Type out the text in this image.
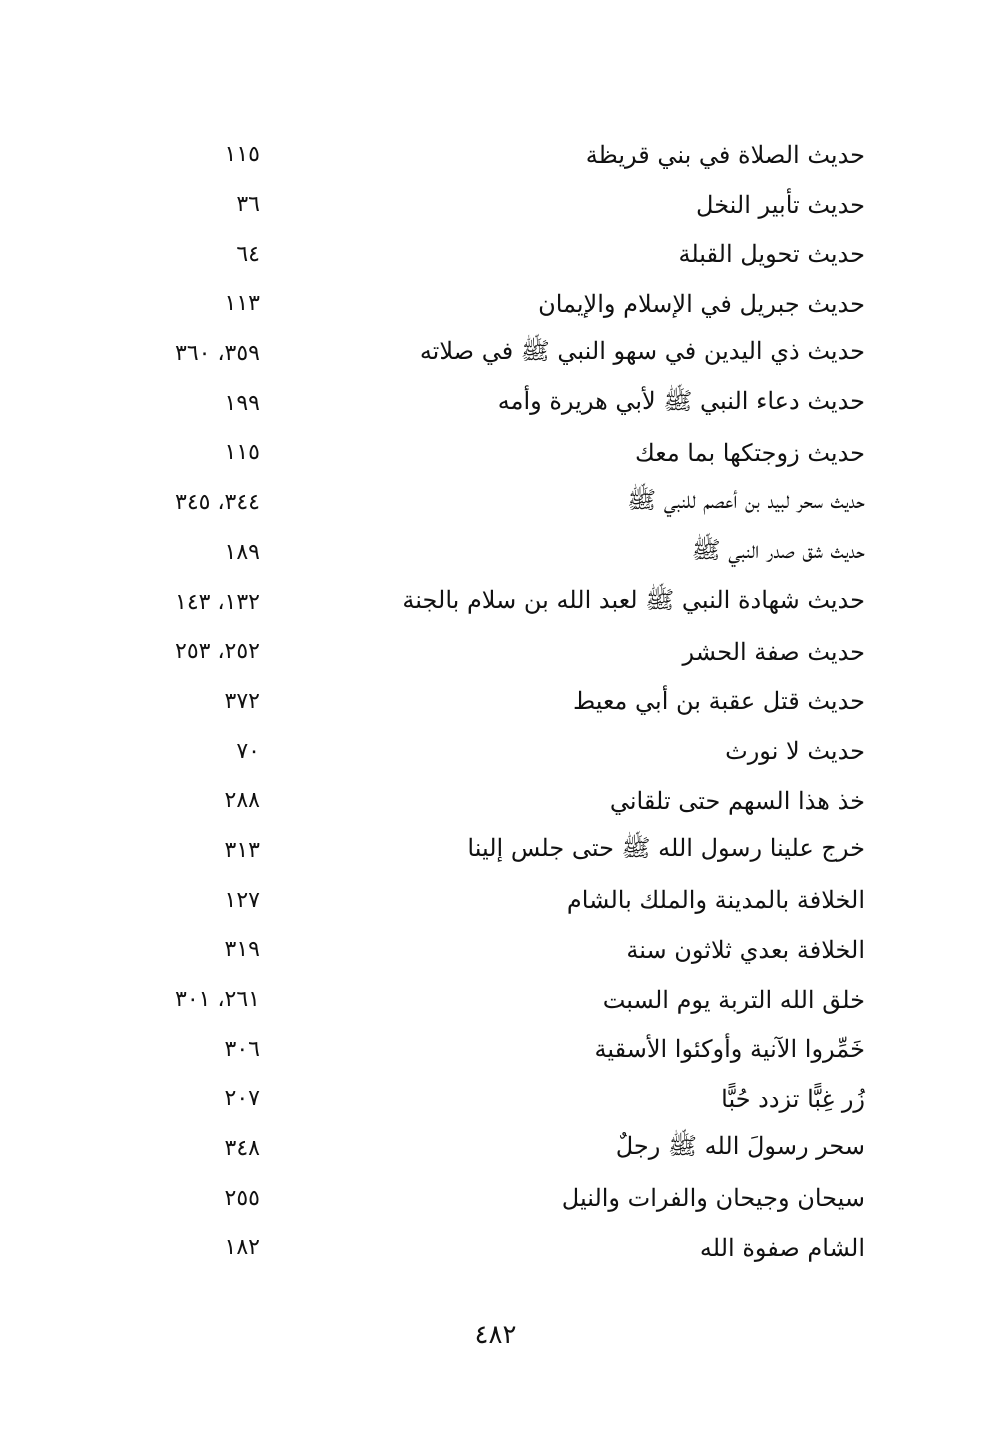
حديث الصلاة في بني قريظة
١١٥
حديث تأبير النخل
٣٦
حديث تحويل القبلة
٦٤
حديث جبريل في الإسلام والإيمان
١١٣
حديث ذي اليدين في سهو النبي ﷺ في صلاته
٣٥٩، ٣٦٠
حديث دعاء النبي ﷺ لأبي هريرة وأمه
١٩٩
حديث زوجتكها بما معك
١١٥
حديث سحر لبيد بن أعصم للنبي ﷺ
٣٤٤، ٣٤٥
حديث شق صدر النبي ﷺ
١٨٩
حديث شهادة النبي ﷺ لعبد الله بن سلام بالجنة
١٣٢، ١٤٣
حديث صفة الحشر
٢٥٢، ٢٥٣
حديث قتل عقبة بن أبي معيط
٣٧٢
حديث لا نورث
٧٠
خذ هذا السهم حتى تلقاني
٢٨٨
خرج علينا رسول الله ﷺ حتى جلس إلينا
٣١٣
الخلافة بالمدينة والملك بالشام
١٢٧
الخلافة بعدي ثلاثون سنة
٣١٩
خلق الله التربة يوم السبت
٢٦١، ٣٠١
خَمِّروا الآنية وأوكئوا الأسقية
٣٠٦
زُر غِبًّا تزدد حُبًّا
٢٠٧
سحر رسولَ الله ﷺ رجلٌ
٣٤٨
سيحان وجيحان والفرات والنيل
٢٥٥
الشام صفوة الله
١٨٢
٤٨٢
